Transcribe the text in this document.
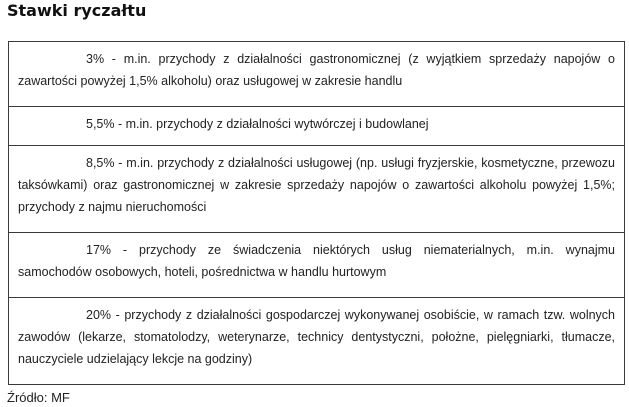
Stawki ryczałtu
3% - m.in. przychody z działalności gastronomicznej (z wyjątkiem sprzedaży napojów o zawartości powyżej 1,5% alkoholu) oraz usługowej w zakresie handlu
5,5% - m.in. przychody z działalności wytwórczej i budowlanej
8,5% - m.in. przychody z działalności usługowej (np. usługi fryzjerskie, kosmetyczne, przewozu taksówkami) oraz gastronomicznej w zakresie sprzedaży napojów o zawartości alkoholu powyżej 1,5%; przychody z najmu nieruchomości
17% - przychody ze świadczenia niektórych usług niematerialnych, m.in. wynajmu samochodów osobowych, hoteli, pośrednictwa w handlu hurtowym
20% - przychody z działalności gospodarczej wykonywanej osobiście, w ramach tzw. wolnych zawodów (lekarze, stomatolodzy, weterynarze, technicy dentystyczni, położne, pielęgniarki, tłumacze, nauczyciele udzielający lekcje na godziny)
Źródło: MF
